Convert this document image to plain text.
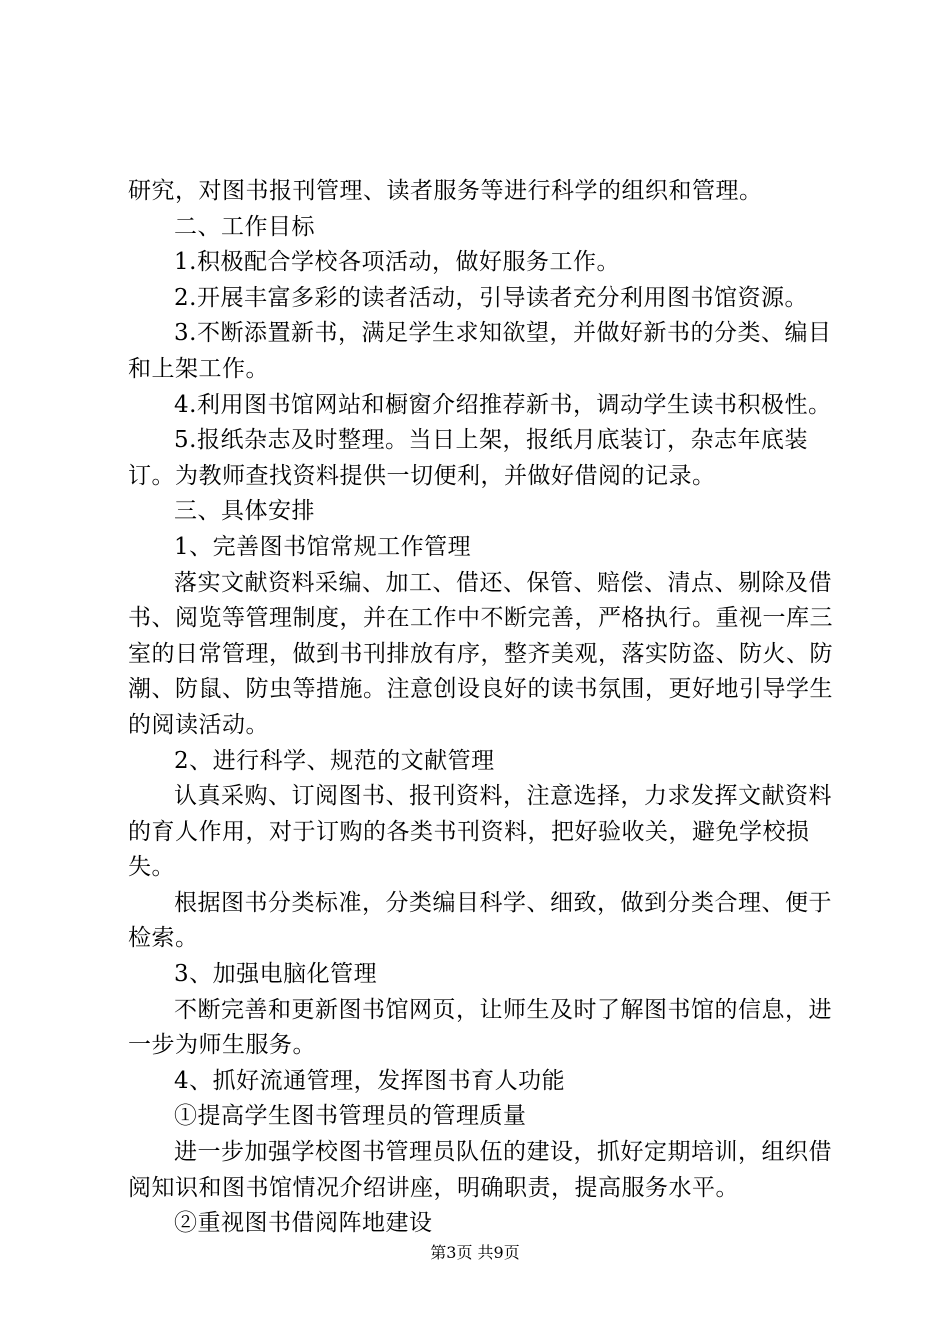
研究，对图书报刊管理、读者服务等进行科学的组织和管理。

二、工作目标

1.积极配合学校各项活动，做好服务工作。

2.开展丰富多彩的读者活动，引导读者充分利用图书馆资源。

3.不断添置新书，满足学生求知欲望，并做好新书的分类、编目和上架工作。

4.利用图书馆网站和橱窗介绍推荐新书，调动学生读书积极性。

5.报纸杂志及时整理。当日上架，报纸月底装订，杂志年底装订。为教师查找资料提供一切便利，并做好借阅的记录。

三、具体安排

1、完善图书馆常规工作管理

落实文献资料采编、加工、借还、保管、赔偿、清点、剔除及借书、阅览等管理制度，并在工作中不断完善，严格执行。重视一库三室的日常管理，做到书刊排放有序，整齐美观，落实防盗、防火、防潮、防鼠、防虫等措施。注意创设良好的读书氛围，更好地引导学生的阅读活动。

2、进行科学、规范的文献管理

认真采购、订阅图书、报刊资料，注意选择，力求发挥文献资料的育人作用，对于订购的各类书刊资料，把好验收关，避免学校损失。

根据图书分类标准，分类编目科学、细致，做到分类合理、便于检索。

3、加强电脑化管理

不断完善和更新图书馆网页，让师生及时了解图书馆的信息，进一步为师生服务。

4、抓好流通管理，发挥图书育人功能

①提高学生图书管理员的管理质量

进一步加强学校图书管理员队伍的建设，抓好定期培训，组织借阅知识和图书馆情况介绍讲座，明确职责，提高服务水平。

②重视图书借阅阵地建设

第3页 共9页
